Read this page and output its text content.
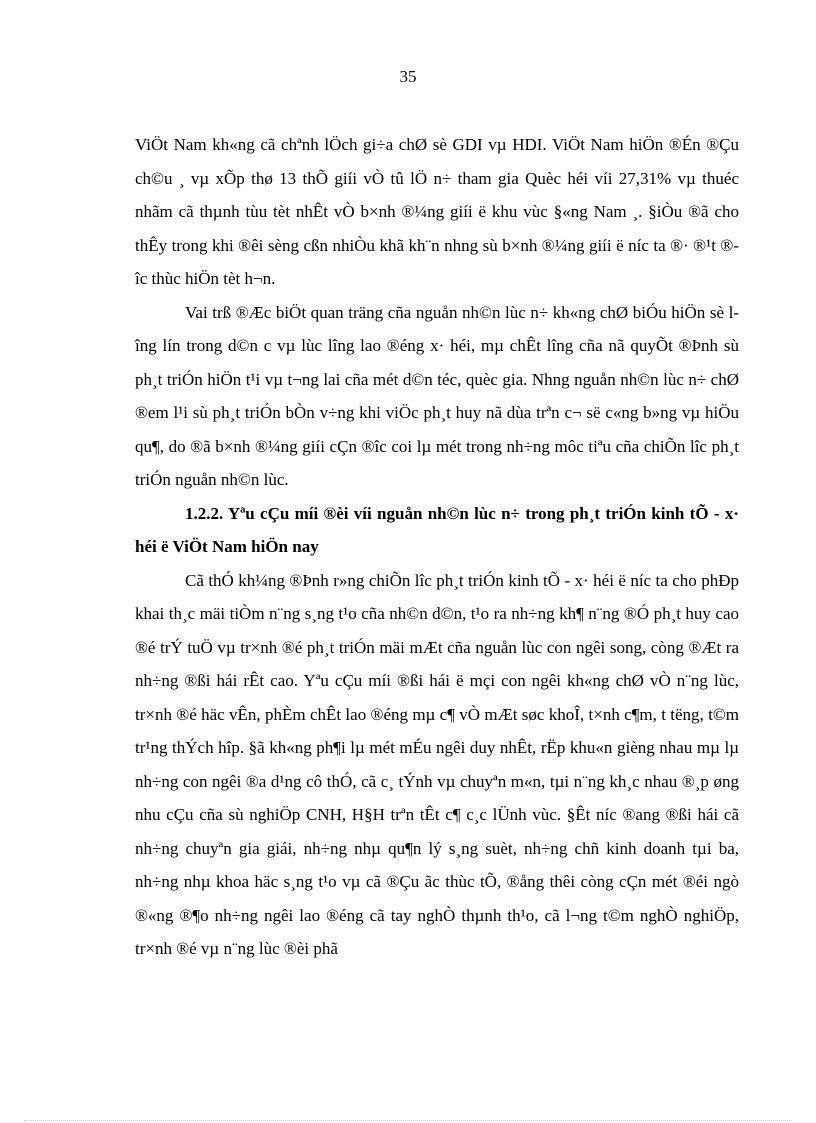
35

ViÖt Nam kh«ng cã chªnh lÖch gi÷a chØ sè GDI vµ HDI. ViÖt Nam hiÖn ®Én ®Çu ch©u ¸ vµ xÕp thø 13 thÕ giíi vÒ tû lÖ n÷ tham gia Quèc héi víi 27,31% vµ thuéc nhãm cã thµnh tùu tèt nhÊt vÒ b×nh ®¼ng giíi ë khu vùc §«ng Nam ¸. §iÒu ®ã cho thÊy trong khi ®êi sèng cßn nhiÒu khã kh¨n nhng sù b×nh ®¼ng giíi ë níc ta ®· ®¹t ®îc thùc hiÖn tèt h¬n.

Vai trß ®Æc biÖt quan träng cña nguån nh©n lùc n÷ kh«ng chØ biÓu hiÖn sè lîng lín trong d©n c vµ lùc lîng lao ®éng x· héi, mµ chÊt lîng cña nã quyÕt ®Þnh sù ph¸t triÓn hiÖn t¹i vµ t¬ng lai cña mét d©n téc, quèc gia. Nhng nguån nh©n lùc n÷ chØ ®em l¹i sù ph¸t triÓn bÒn v÷ng khi viÖc ph¸t huy nã dùa trªn c¬ së c«ng b»ng vµ hiÖu qu¶, do ®ã b×nh ®¼ng giíi cÇn ®îc coi lµ mét trong nh÷ng môc tiªu cña chiÕn lîc ph¸t triÓn nguån nh©n lùc.

1.2.2. Yªu cÇu míi ®èi víi nguån nh©n lùc n÷ trong ph¸t triÓn kinh tÕ - x· héi ë ViÖt Nam hiÖn nay

Cã thÓ kh¼ng ®Þnh r»ng chiÕn lîc ph¸t triÓn kinh tÕ - x· héi ë níc ta cho phÐp khai th¸c mäi tiÒm n¨ng s¸ng t¹o cña nh©n d©n, t¹o ra nh÷ng kh¶ n¨ng ®Ó ph¸t huy cao ®é trÝ tuÖ vµ tr×nh ®é ph¸t triÓn mäi mÆt cña nguån lùc con ngêi song, còng ®Æt ra nh÷ng ®ßi hái rÊt cao. Yªu cÇu míi ®ßi hái ë mçi con ngêi kh«ng chØ vÒ n¨ng lùc, tr×nh ®é häc vÊn, phÈm chÊt lao ®éng mµ c¶ vÒ mÆt søc khoÎ, t×nh c¶m, t tëng, t©m tr¹ng thÝch hîp. §ã kh«ng ph¶i lµ mét mÉu ngêi duy nhÊt, rËp khu«n gièng nhau mµ lµ nh÷ng con ngêi ®a d¹ng cô thÓ, cã c¸ tÝnh vµ chuyªn m«n, tµi n¨ng kh¸c nhau ®¸p øng nhu cÇu cña sù nghiÖp CNH, H§H trªn tÊt c¶ c¸c lÜnh vùc. §Êt níc ®ang ®ßi hái cã nh÷ng chuyªn gia giái, nh÷ng nhµ qu¶n lý s¸ng suèt, nh÷ng chñ kinh doanh tµi ba, nh÷ng nhµ khoa häc s¸ng t¹o vµ cã ®Çu ãc thùc tÕ, ®ång thêi còng cÇn mét ®éi ngò ®«ng ®¶o nh÷ng ngêi lao ®éng cã tay nghÒ thµnh th¹o, cã l¬ng t©m nghÒ nghiÖp, tr×nh ®é vµ n¨ng lùc ®èi phã
